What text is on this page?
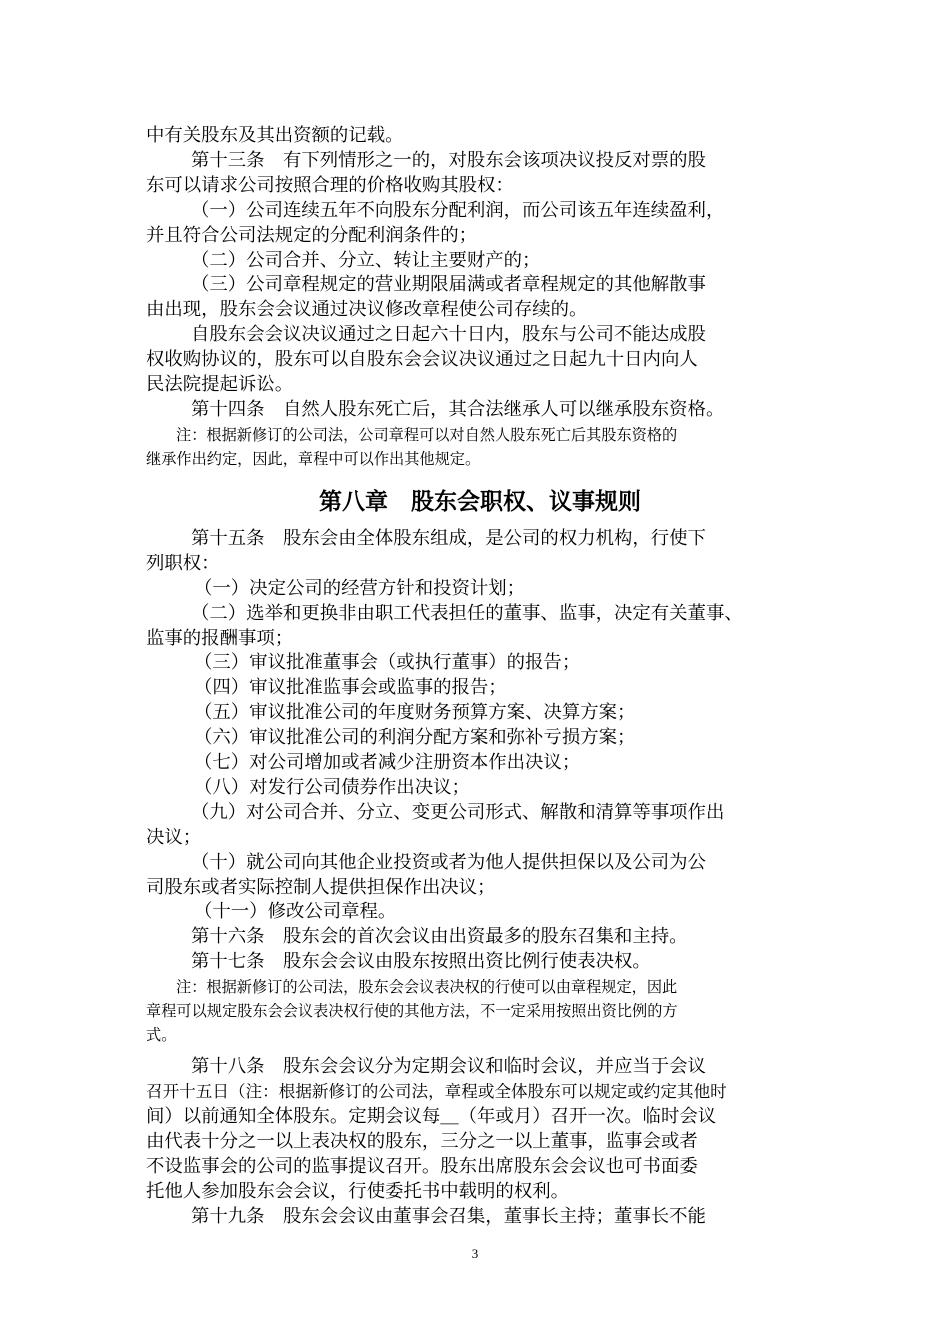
中有关股东及其出资额的记载。

第十三条　有下列情形之一的，对股东会该项决议投反对票的股

东可以请求公司按照合理的价格收购其股权：

（一）公司连续五年不向股东分配利润，而公司该五年连续盈利，

并且符合公司法规定的分配利润条件的；

（二）公司合并、分立、转让主要财产的；

（三）公司章程规定的营业期限届满或者章程规定的其他解散事

由出现，股东会会议通过决议修改章程使公司存续的。

自股东会会议决议通过之日起六十日内，股东与公司不能达成股

权收购协议的，股东可以自股东会会议决议通过之日起九十日内向人

民法院提起诉讼。

第十四条　自然人股东死亡后，其合法继承人可以继承股东资格。

注：根据新修订的公司法，公司章程可以对自然人股东死亡后其股东资格的

继承作出约定，因此，章程中可以作出其他规定。

第八章　股东会职权、议事规则

第十五条　股东会由全体股东组成，是公司的权力机构，行使下

列职权：

（一）决定公司的经营方针和投资计划；

（二）选举和更换非由职工代表担任的董事、监事，决定有关董事、

监事的报酬事项；

（三）审议批准董事会（或执行董事）的报告；

（四）审议批准监事会或监事的报告；

（五）审议批准公司的年度财务预算方案、决算方案；

（六）审议批准公司的利润分配方案和弥补亏损方案；

（七）对公司增加或者减少注册资本作出决议；

（八）对发行公司债券作出决议；

（九）对公司合并、分立、变更公司形式、解散和清算等事项作出

决议；

（十）就公司向其他企业投资或者为他人提供担保以及公司为公

司股东或者实际控制人提供担保作出决议；

（十一）修改公司章程。

第十六条　股东会的首次会议由出资最多的股东召集和主持。

第十七条　股东会会议由股东按照出资比例行使表决权。

注：根据新修订的公司法，股东会会议表决权的行使可以由章程规定，因此

章程可以规定股东会会议表决权行使的其他方法，不一定采用按照出资比例的方

式。

第十八条　股东会会议分为定期会议和临时会议，并应当于会议

召开十五日（注：根据新修订的公司法，章程或全体股东可以规定或约定其他时

间）以前通知全体股东。定期会议每＿（年或月）召开一次。临时会议

由代表十分之一以上表决权的股东，三分之一以上董事，监事会或者

不设监事会的公司的监事提议召开。股东出席股东会会议也可书面委

托他人参加股东会会议，行使委托书中载明的权利。

第十九条　股东会会议由董事会召集，董事长主持；董事长不能

3
